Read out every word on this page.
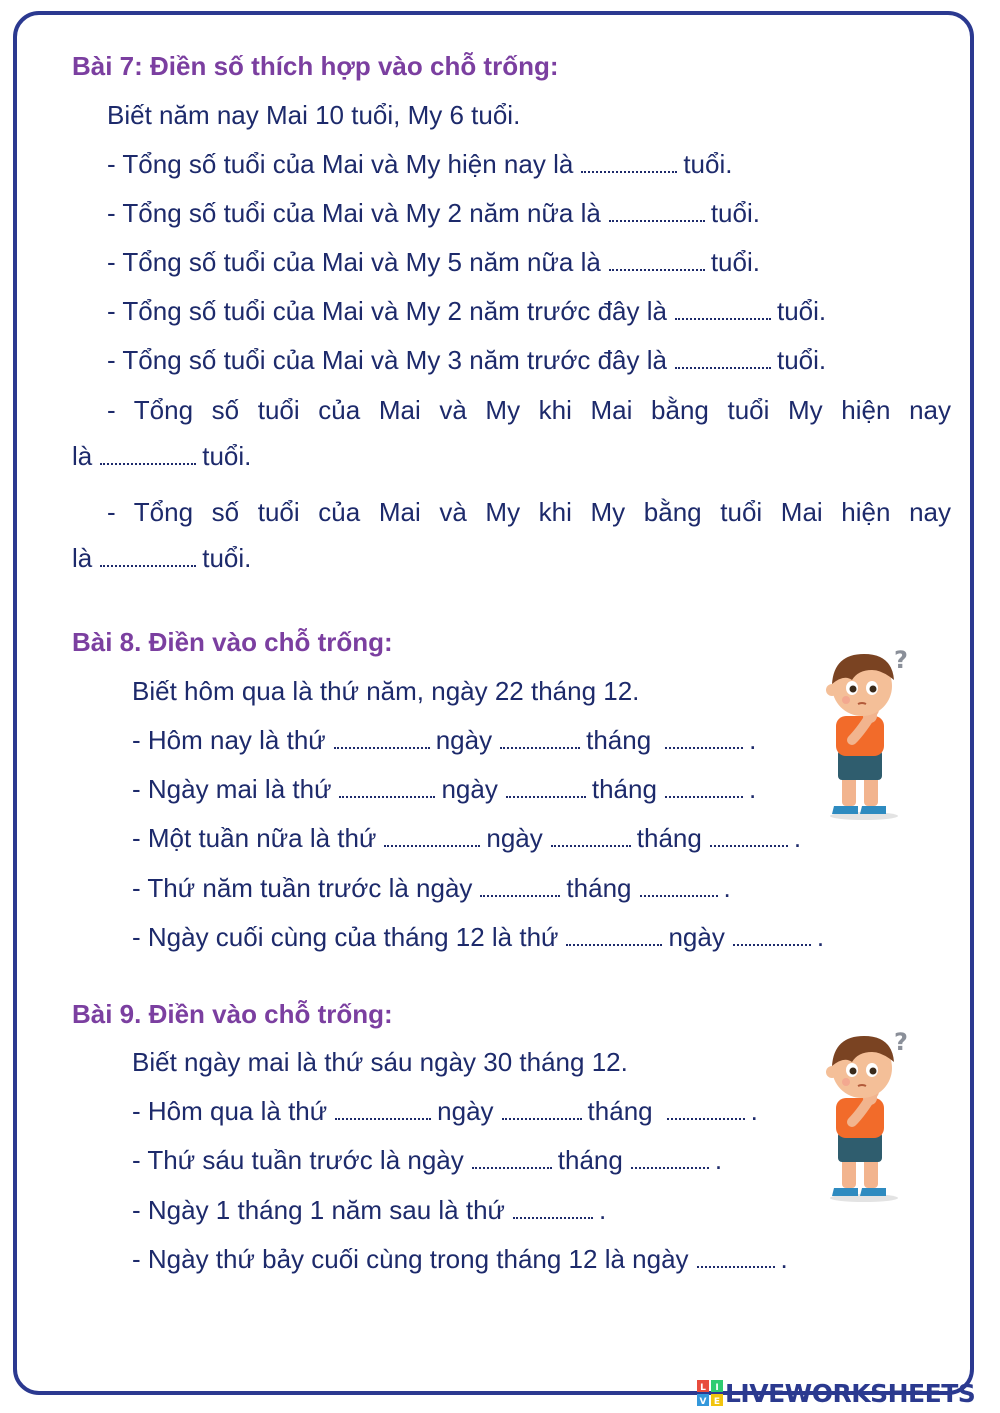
Bài 7: Điền số thích hợp vào chỗ trống:
Biết năm nay Mai 10 tuổi, My 6 tuổi.
- Tổng số tuổi của Mai và My hiện nay là	tuổi.
- Tổng số tuổi của Mai và My 2 năm nữa là	tuổi.
- Tổng số tuổi của Mai và My 5 năm nữa là	tuổi.
- Tổng số tuổi của Mai và My 2 năm trước đây là	tuổi.
- Tổng số tuổi của Mai và My 3 năm trước đây là	tuổi.
- Tổng số tuổi của Mai và My khi Mai bằng tuổi My hiện nay
là	tuổi.
- Tổng số tuổi của Mai và My khi My bằng tuổi Mai hiện nay
là	tuổi.
Bài 8. Điền vào chỗ trống:
Biết hôm qua là thứ năm, ngày 22 tháng 12.
- Hôm nay là thứ	ngày	tháng	.
- Ngày mai là thứ	ngày	tháng	.
- Một tuần nữa là thứ	ngày	tháng	.
- Thứ năm tuần trước là ngày	tháng	.
- Ngày cuối cùng của tháng 12 là thứ	ngày	.
Bài 9. Điền vào chỗ trống:
Biết ngày mai là thứ sáu ngày 30 tháng 12.
- Hôm qua là thứ	ngày	tháng	.
- Thứ sáu tuần trước là ngày	tháng	.
- Ngày 1 tháng 1 năm sau là thứ	.
- Ngày thứ bảy cuối cùng trong tháng 12 là ngày	.
?
?
L I
V E LIVEWORKSHEETS
